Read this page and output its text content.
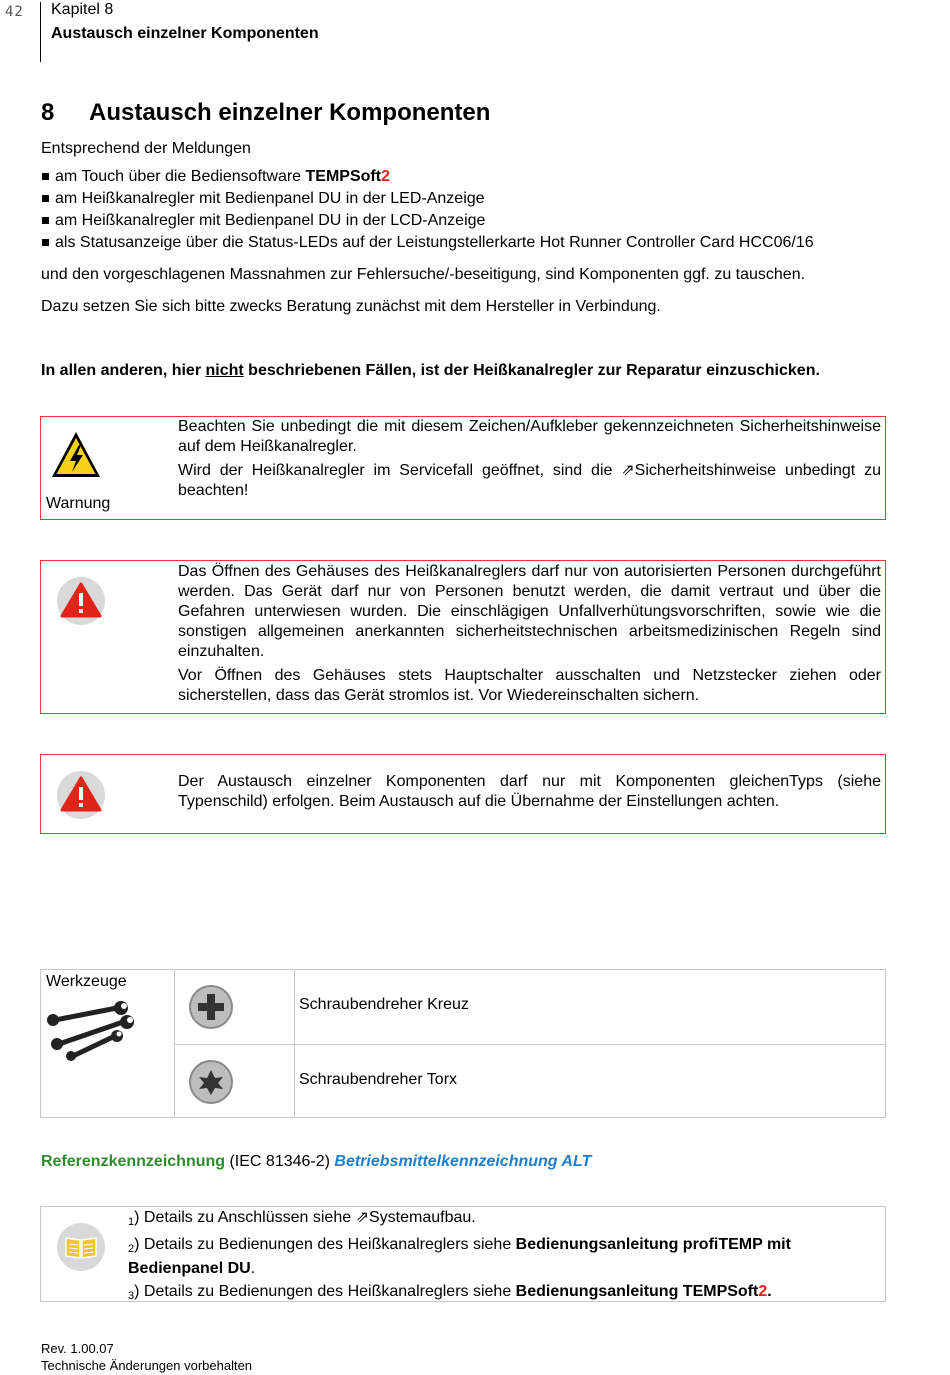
42 Kapitel 8
Austausch einzelner Komponenten
8 Austausch einzelner Komponenten
Entsprechend der Meldungen
am Touch über die Bediensoftware TEMPSoft2
am Heißkanalregler mit Bedienpanel DU in der LED-Anzeige
am Heißkanalregler mit Bedienpanel DU in der LCD-Anzeige
als Statusanzeige über die Status-LEDs auf der Leistungstellerkarte Hot Runner Controller Card HCC06/16
und den vorgeschlagenen Massnahmen zur Fehlersuche/-beseitigung, sind Komponenten ggf. zu tauschen.
Dazu setzen Sie sich bitte zwecks Beratung zunächst mit dem Hersteller in Verbindung.
In allen anderen, hier nicht beschriebenen Fällen, ist der Heißkanalregler zur Reparatur einzuschicken.
Warnung

Beachten Sie unbedingt die mit diesem Zeichen/Aufkleber gekennzeichneten Sicherheitshinweise auf dem Heißkanalregler.

Wird der Heißkanalregler im Servicefall geöffnet, sind die ⇗Sicherheitshinweise unbedingt zu beachten!

Das Öffnen des Gehäuses des Heißkanalreglers darf nur von autorisierten Personen durchgeführt werden. Das Gerät darf nur von Personen benutzt werden, die damit vertraut und über die Gefahren unterwiesen wurden. Die einschlägigen Unfallverhütungsvorschriften, sowie wie die sonstigen allgemeinen anerkannten sicherheitstechnischen arbeitsmedizinischen Regeln sind einzuhalten.

Vor Öffnen des Gehäuses stets Hauptschalter ausschalten und Netzstecker ziehen oder sicherstellen, dass das Gerät stromlos ist. Vor Wiedereinschalten sichern.

Der Austausch einzelner Komponenten darf nur mit Komponenten gleichenTyps (siehe Typenschild) erfolgen. Beim Austausch auf die Übernahme der Einstellungen achten.
Werkzeuge
Schraubendreher Kreuz
Schraubendreher Torx
Referenzkennzeichnung (IEC 81346-2) Betriebsmittelkennzeichnung ALT

$_1$) Details zu Anschlüssen siehe ⇗Systemaufbau.

$_2$) Details zu Bedienungen des Heißkanalreglers siehe Bedienungsanleitung profiTEMP mit Bedienpanel DU.

$_3$) Details zu Bedienungen des Heißkanalreglers siehe Bedienungsanleitung TEMPSoft2.

Rev. 1.00.07
Technische Änderungen vorbehalten
